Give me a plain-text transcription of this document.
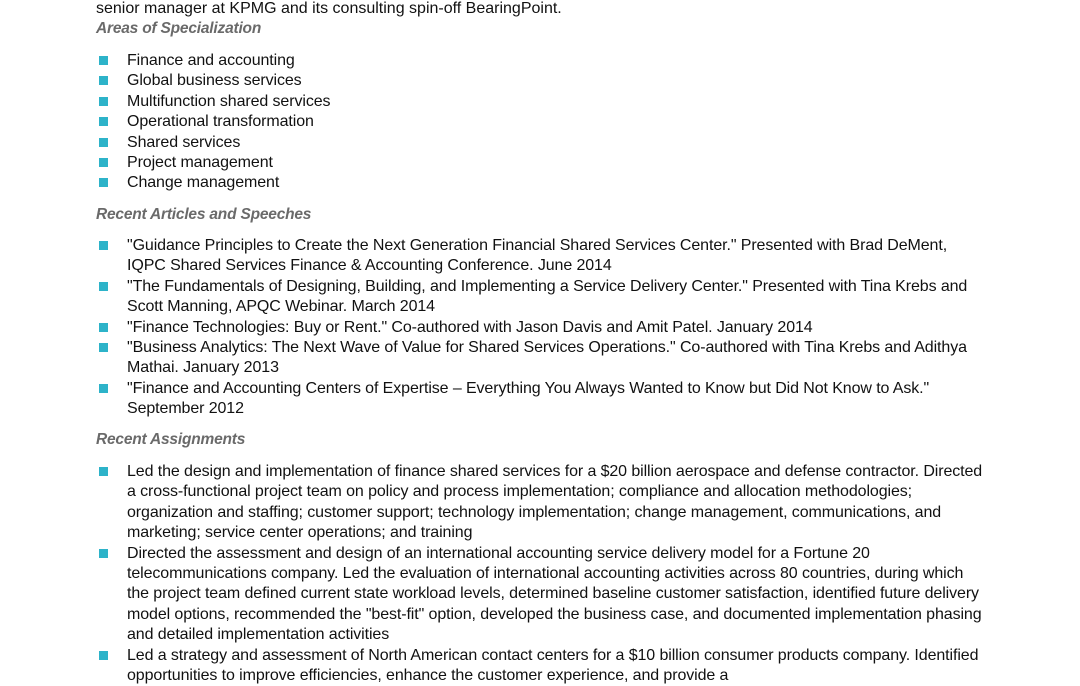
senior manager at KPMG and its consulting spin-off BearingPoint.
Areas of Specialization
Finance and accounting
Global business services
Multifunction shared services
Operational transformation
Shared services
Project management
Change management
Recent Articles and Speeches
"Guidance Principles to Create the Next Generation Financial Shared Services Center." Presented with Brad DeMent, IQPC Shared Services Finance & Accounting Conference. June 2014
"The Fundamentals of Designing, Building, and Implementing a Service Delivery Center." Presented with Tina Krebs and Scott Manning, APQC Webinar. March 2014
"Finance Technologies: Buy or Rent." Co-authored with Jason Davis and Amit Patel. January 2014
"Business Analytics: The Next Wave of Value for Shared Services Operations." Co-authored with Tina Krebs and Adithya Mathai. January 2013
"Finance and Accounting Centers of Expertise – Everything You Always Wanted to Know but Did Not Know to Ask." September 2012
Recent Assignments
Led the design and implementation of finance shared services for a $20 billion aerospace and defense contractor. Directed a cross-functional project team on policy and process implementation; compliance and allocation methodologies; organization and staffing; customer support; technology implementation; change management, communications, and marketing; service center operations; and training
Directed the assessment and design of an international accounting service delivery model for a Fortune 20 telecommunications company. Led the evaluation of international accounting activities across 80 countries, during which the project team defined current state workload levels, determined baseline customer satisfaction, identified future delivery model options, recommended the "best-fit" option, developed the business case, and documented implementation phasing and detailed implementation activities
Led a strategy and assessment of North American contact centers for a $10 billion consumer products company. Identified opportunities to improve efficiencies, enhance the customer experience, and provide a
